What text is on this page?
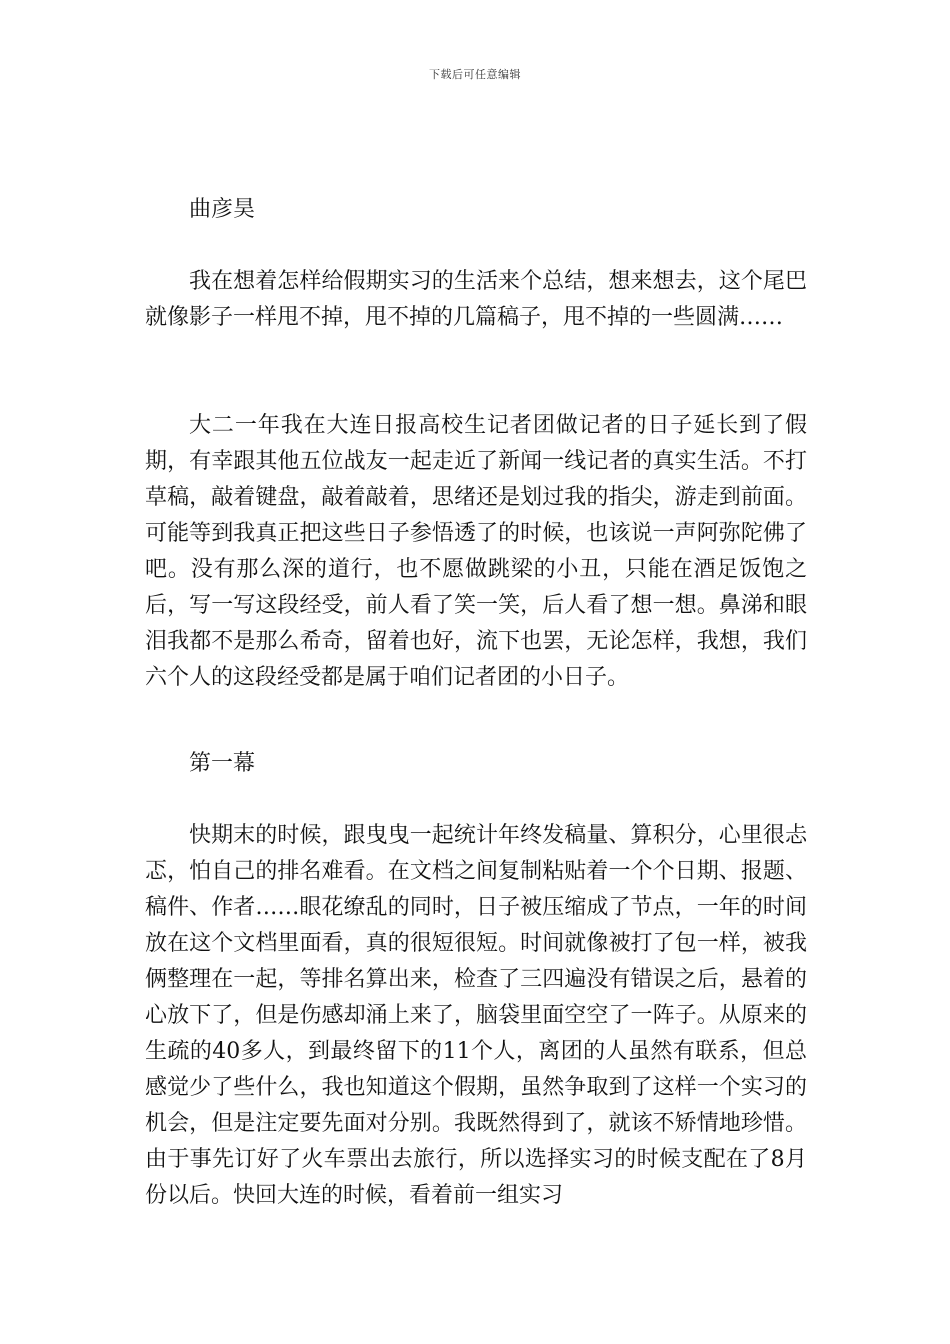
下载后可任意编辑

曲彦昊

我在想着怎样给假期实习的生活来个总结，想来想去，这个尾巴就像影子一样甩不掉，甩不掉的几篇稿子，甩不掉的一些圆满……

大二一年我在大连日报高校生记者团做记者的日子延长到了假期，有幸跟其他五位战友一起走近了新闻一线记者的真实生活。不打草稿，敲着键盘，敲着敲着，思绪还是划过我的指尖，游走到前面。可能等到我真正把这些日子参悟透了的时候，也该说一声阿弥陀佛了吧。没有那么深的道行，也不愿做跳梁的小丑，只能在酒足饭饱之后，写一写这段经受，前人看了笑一笑，后人看了想一想。鼻涕和眼泪我都不是那么希奇，留着也好，流下也罢，无论怎样，我想，我们六个人的这段经受都是属于咱们记者团的小日子。

第一幕

快期末的时候，跟曳曳一起统计年终发稿量、算积分，心里很忐忑，怕自己的排名难看。在文档之间复制粘贴着一个个日期、报题、稿件、作者……眼花缭乱的同时，日子被压缩成了节点，一年的时间放在这个文档里面看，真的很短很短。时间就像被打了包一样，被我俩整理在一起，等排名算出来，检查了三四遍没有错误之后，悬着的心放下了，但是伤感却涌上来了，脑袋里面空空了一阵子。从原来的生疏的40多人，到最终留下的11个人，离团的人虽然有联系，但总感觉少了些什么，我也知道这个假期，虽然争取到了这样一个实习的机会，但是注定要先面对分别。我既然得到了，就该不矫情地珍惜。由于事先订好了火车票出去旅行，所以选择实习的时候支配在了8月份以后。快回大连的时候，看着前一组实习
